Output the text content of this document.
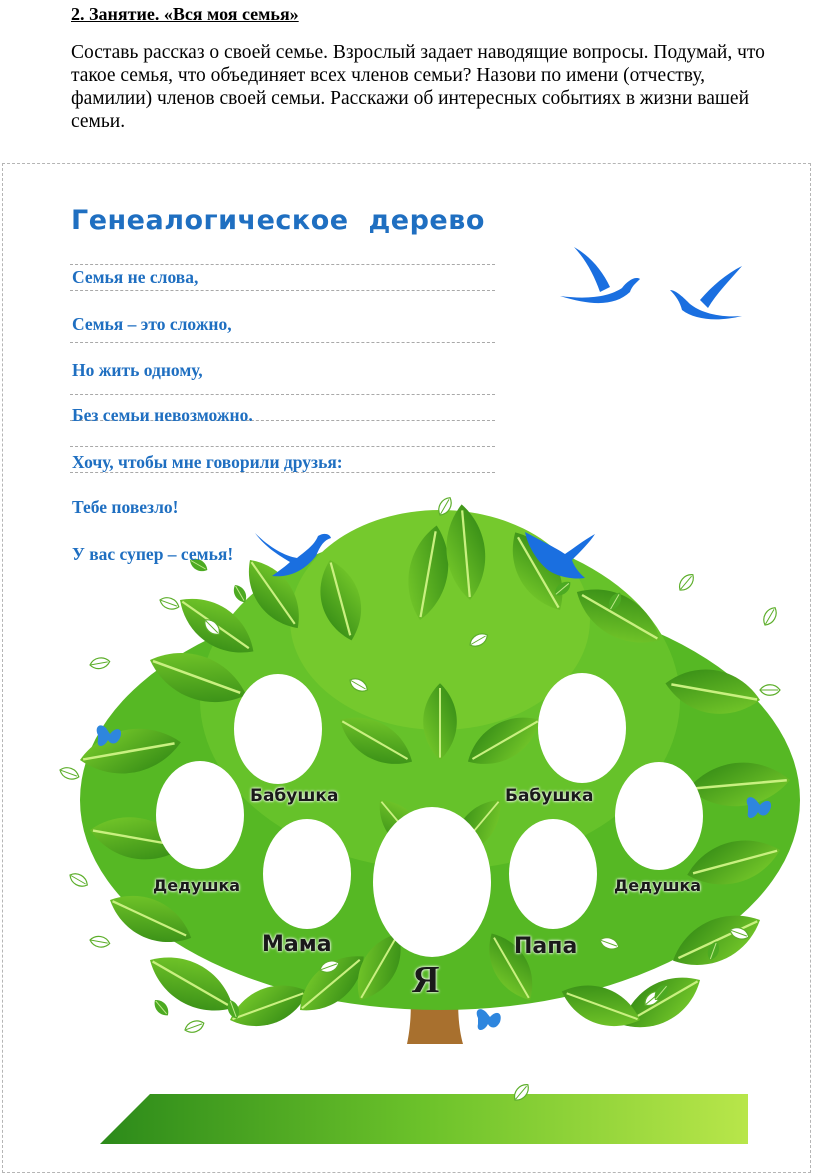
2. Занятие. «Вся моя семья»
Составь рассказ о своей семье. Взрослый задает наводящие вопросы. Подумай, что такое семья, что объединяет всех членов семьи? Назови по имени (отчеству, фамилии) членов своей семьи. Расскажи об интересных событиях в жизни вашей семьи.
Генеалогическое дерево
Семья не слова,
Семья – это сложно,
Но жить одному,
Без семьи невозможно.
Хочу, чтобы мне говорили друзья:
Тебе повезло!
У вас супер – семья!
Бабушка	Бабушка
Дедушка	Дедушка
Мама	Папа
Я
